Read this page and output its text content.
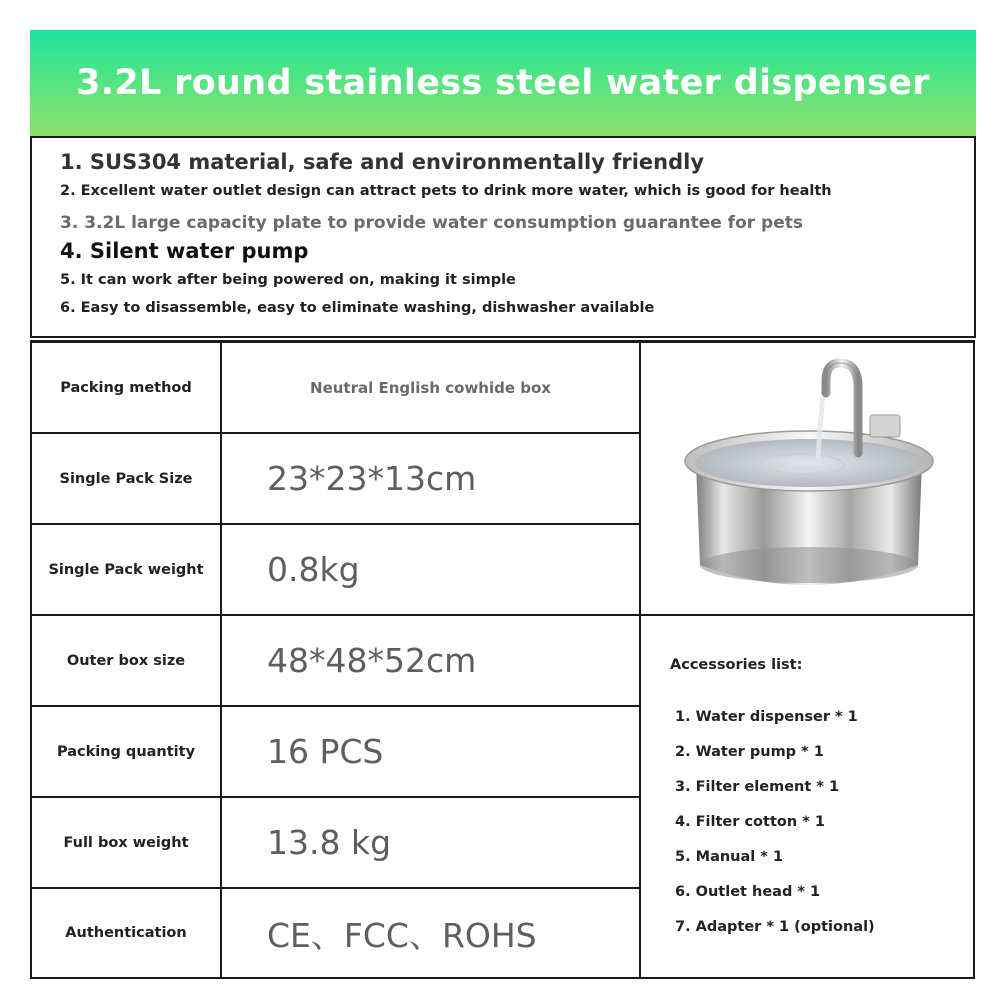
3.2L round stainless steel water dispenser
1. SUS304 material, safe and environmentally friendly
2. Excellent water outlet design can attract pets to drink more water, which is good for health
3. 3.2L large capacity plate to provide water consumption guarantee for pets
4. Silent water pump
5. It can work after being powered on, making it simple
6. Easy to disassemble, easy to eliminate washing, dishwasher available
Packing method	Neutral English cowhide box
Single Pack Size	23*23*13cm
Single Pack weight	0.8kg
Outer box size	48*48*52cm
Packing quantity	16 PCS
Full box weight	13.8 kg
Authentication	CE、FCC、ROHS
Accessories list:
1. Water dispenser * 1
2. Water pump * 1
3. Filter element * 1
4. Filter cotton * 1
5. Manual * 1
6. Outlet head * 1
7. Adapter * 1 (optional)
